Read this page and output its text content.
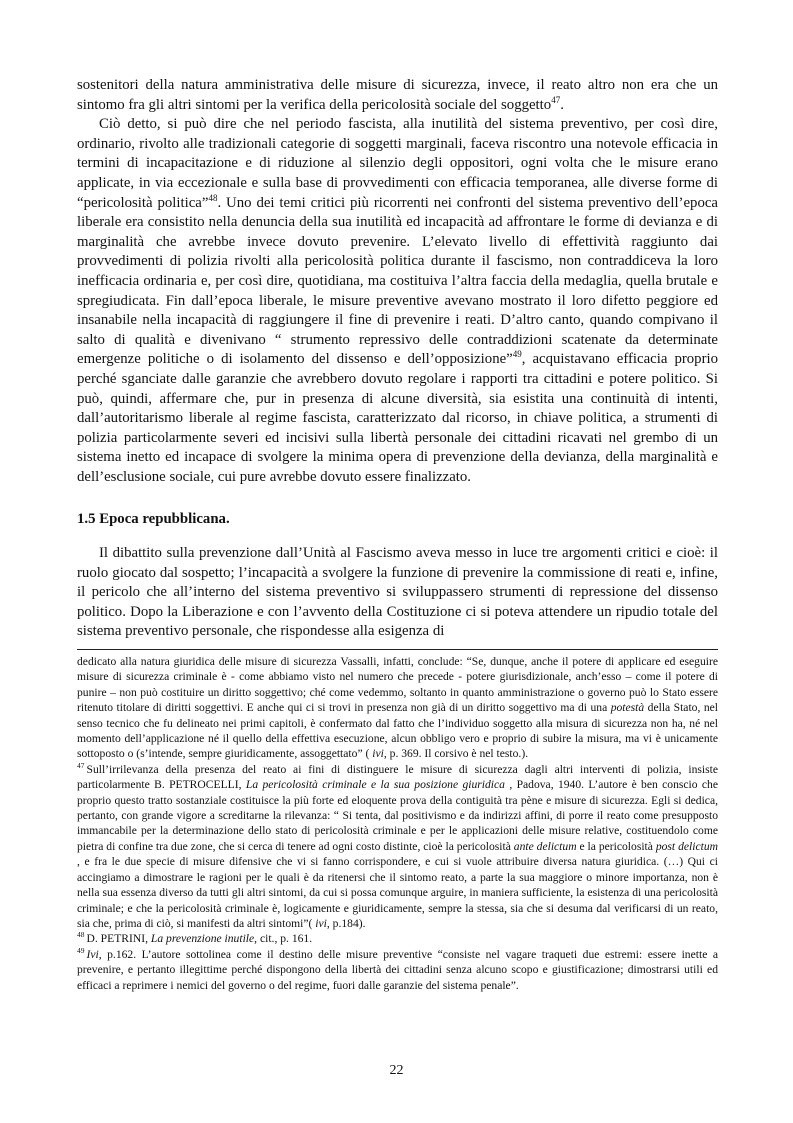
sostenitori della natura amministrativa delle misure di sicurezza, invece, il reato altro non era che un sintomo fra gli altri sintomi per la verifica della pericolosità sociale del soggetto$^{47}$.

Ciò detto, si può dire che nel periodo fascista, alla inutilità del sistema preventivo, per così dire, ordinario, rivolto alle tradizionali categorie di soggetti marginali, faceva riscontro una notevole efficacia in termini di incapacitazione e di riduzione al silenzio degli oppositori, ogni volta che le misure erano applicate, in via eccezionale e sulla base di provvedimenti con efficacia temporanea, alle diverse forme di “pericolosità politica”$^{48}$. Uno dei temi critici più ricorrenti nei confronti del sistema preventivo dell’epoca liberale era consistito nella denuncia della sua inutilità ed incapacità ad affrontare le forme di devianza e di marginalità che avrebbe invece dovuto prevenire. L’elevato livello di effettività raggiunto dai provvedimenti di polizia rivolti alla pericolosità politica durante il fascismo, non contraddiceva la loro inefficacia ordinaria e, per così dire, quotidiana, ma costituiva l’altra faccia della medaglia, quella brutale e spregiudicata. Fin dall’epoca liberale, le misure preventive avevano mostrato il loro difetto peggiore ed insanabile nella incapacità di raggiungere il fine di prevenire i reati. D’altro canto, quando compivano il salto di qualità e divenivano “ strumento repressivo delle contraddizioni scatenate da determinate emergenze politiche o di isolamento del dissenso e dell’opposizione”$^{49}$, acquistavano efficacia proprio perché sganciate dalle garanzie che avrebbero dovuto regolare i rapporti tra cittadini e potere politico. Si può, quindi, affermare che, pur in presenza di alcune diversità, sia esistita una continuità di intenti, dall’autoritarismo liberale al regime fascista, caratterizzato dal ricorso, in chiave politica, a strumenti di polizia particolarmente severi ed incisivi sulla libertà personale dei cittadini ricavati nel grembo di un sistema inetto ed incapace di svolgere la minima opera di prevenzione della devianza, della marginalità e dell’esclusione sociale, cui pure avrebbe dovuto essere finalizzato.

1.5 Epoca repubblicana.

Il dibattito sulla prevenzione dall’Unità al Fascismo aveva messo in luce tre argomenti critici e cioè: il ruolo giocato dal sospetto; l’incapacità a svolgere la funzione di prevenire la commissione di reati e, infine, il pericolo che all’interno del sistema preventivo si sviluppassero strumenti di repressione del dissenso politico. Dopo la Liberazione e con l’avvento della Costituzione ci si poteva attendere un ripudio totale del sistema preventivo personale, che rispondesse alla esigenza di

dedicato alla natura giuridica delle misure di sicurezza Vassalli, infatti, conclude: “Se, dunque, anche il potere di applicare ed eseguire misure di sicurezza criminale è - come abbiamo visto nel numero che precede - potere giurisdizionale, anch’esso – come il potere di punire – non può costituire un diritto soggettivo; ché come vedemmo, soltanto in quanto amministrazione o governo può lo Stato essere ritenuto titolare di diritti soggettivi. E anche qui ci si trovi in presenza non già di un diritto soggettivo ma di una potestà della Stato, nel senso tecnico che fu delineato nei primi capitoli, è confermato dal fatto che l’individuo soggetto alla misura di sicurezza non ha, né nel momento dell’applicazione né il quello della effettiva esecuzione, alcun obbligo vero e proprio di subire la misura, ma vi è unicamente sottoposto o (s’intende, sempre giuridicamente, assoggettato” ( ivi, p. 369. Il corsivo è nel testo.).

$^{47}$ Sull’irrilevanza della presenza del reato ai fini di distinguere le misure di sicurezza dagli altri interventi di polizia, insiste particolarmente B. PETROCELLI, La pericolosità criminale e la sua posizione giuridica , Padova, 1940. L’autore è ben conscio che proprio questo tratto sostanziale costituisce la più forte ed eloquente prova della contiguità tra pène e misure di sicurezza. Egli si dedica, pertanto, con grande vigore a screditarne la rilevanza: “ Si tenta, dal positivismo e da indirizzi affini, di porre il reato come presupposto immancabile per la determinazione dello stato di pericolosità criminale e per le applicazioni delle misure relative, costituendolo come pietra di confine tra due zone, che si cerca di tenere ad ogni costo distinte, cioè la pericolosità ante delictum e la pericolosità post delictum , e fra le due specie di misure difensive che vi si fanno corrispondere, e cui si vuole attribuire diversa natura giuridica. (…) Qui ci accingiamo a dimostrare le ragioni per le quali è da ritenersi che il sintomo reato, a parte la sua maggiore o minore importanza, non è nella sua essenza diverso da tutti gli altri sintomi, da cui si possa comunque arguire, in maniera sufficiente, la esistenza di una pericolosità criminale; e che la pericolosità criminale è, logicamente e giuridicamente, sempre la stessa, sia che si desuma dal verificarsi di un reato, sia che, prima di ciò, si manifesti da altri sintomi”( ivi, p.184).

$^{48}$ D. PETRINI, La prevenzione inutile, cit., p. 161.

$^{49}$ Ivi, p.162. L’autore sottolinea come il destino delle misure preventive “consiste nel vagare traqueti due estremi: essere inette a prevenire, e pertanto illegittime perché dispongono della libertà dei cittadini senza alcuno scopo e giustificazione; dimostrarsi utili ed efficaci a reprimere i nemici del governo o del regime, fuori dalle garanzie del sistema penale”.

22
